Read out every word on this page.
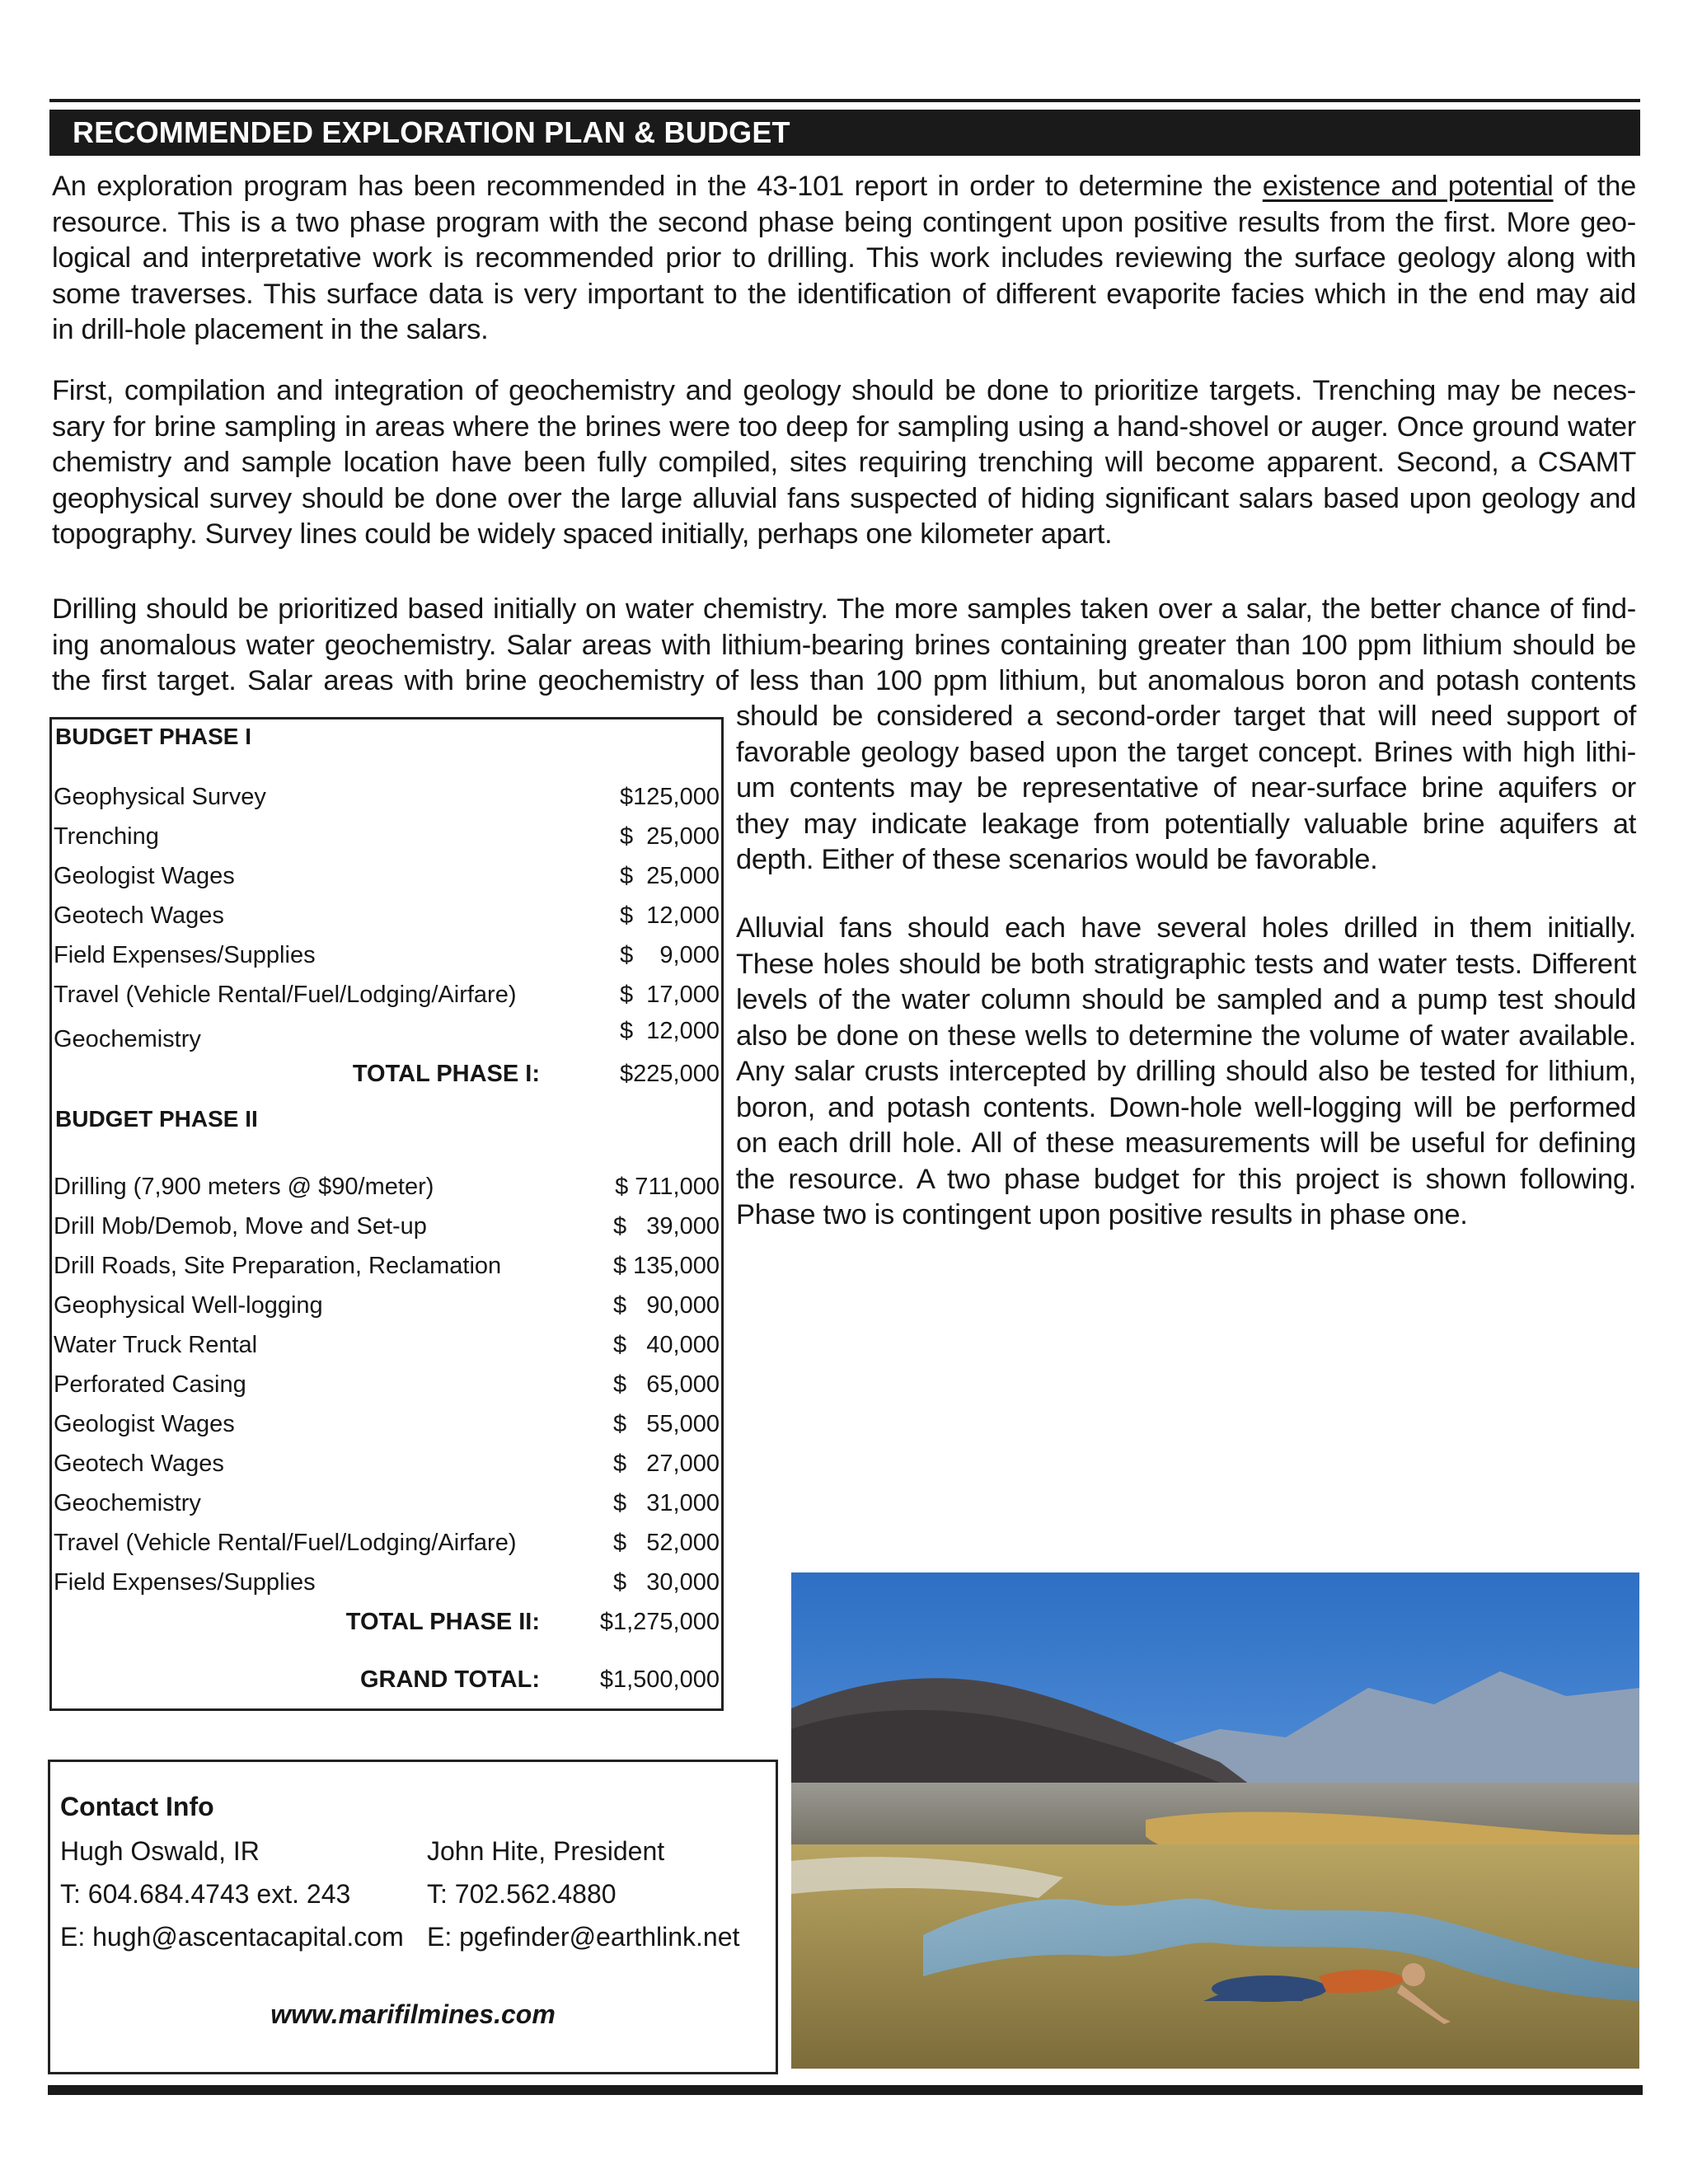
RECOMMENDED EXPLORATION PLAN & BUDGET

An exploration program has been recommended in the 43-101 report in order to determine the existence and potential of the
resource. This is a two phase program with the second phase being contingent upon positive results from the first. More geo-
logical and interpretative work is recommended prior to drilling. This work includes reviewing the surface geology along with
some traverses. This surface data is very important to the identification of different evaporite facies which in the end may aid
in drill-hole placement in the salars.

First, compilation and integration of geochemistry and geology should be done to prioritize targets. Trenching may be neces-
sary for brine sampling in areas where the brines were too deep for sampling using a hand-shovel or auger. Once ground water
chemistry and sample location have been fully compiled, sites requiring trenching will become apparent. Second, a CSAMT
geophysical survey should be done over the large alluvial fans suspected of hiding significant salars based upon geology and
topography. Survey lines could be widely spaced initially, perhaps one kilometer apart.

Drilling should be prioritized based initially on water chemistry. The more samples taken over a salar, the better chance of find-
ing anomalous water geochemistry. Salar areas with lithium-bearing brines containing greater than 100 ppm lithium should be
the first target. Salar areas with brine geochemistry of less than 100 ppm lithium, but anomalous boron and potash contents

should be considered a second-order target that will need support of
favorable geology based upon the target concept. Brines with high lithi-
um contents may be representative of near-surface brine aquifers or
they may indicate leakage from potentially valuable brine aquifers at
depth. Either of these scenarios would be favorable.

Alluvial fans should each have several holes drilled in them initially.
These holes should be both stratigraphic tests and water tests. Different
levels of the water column should be sampled and a pump test should
also be done on these wells to determine the volume of water available.
Any salar crusts intercepted by drilling should also be tested for lithium,
boron, and potash contents. Down-hole well-logging will be performed
on each drill hole. All of these measurements will be useful for defining
the resource. A two phase budget for this project is shown following.
Phase two is contingent upon positive results in phase one.

BUDGET PHASE I
Geophysical Survey	$125,000
Trenching	$  25,000
Geologist Wages	$  25,000
Geotech Wages	$  12,000
Field Expenses/Supplies	$    9,000
Travel (Vehicle Rental/Fuel/Lodging/Airfare)	$  17,000
Geochemistry	$  12,000
TOTAL PHASE I:	$225,000
BUDGET PHASE II
Drilling (7,900 meters @ $90/meter)	$ 711,000
Drill Mob/Demob, Move and Set-up	$   39,000
Drill Roads, Site Preparation, Reclamation	$ 135,000
Geophysical Well-logging	$   90,000
Water Truck Rental	$   40,000
Perforated Casing	$   65,000
Geologist Wages	$   55,000
Geotech Wages	$   27,000
Geochemistry	$   31,000
Travel (Vehicle Rental/Fuel/Lodging/Airfare)	$   52,000
Field Expenses/Supplies	$   30,000
TOTAL PHASE II:	$1,275,000
GRAND TOTAL:	$1,500,000
Contact Info
Hugh Oswald, IR	John Hite, President
T: 604.684.4743 ext. 243	T: 702.562.4880
E: hugh@ascentacapital.com E: pgefinder@earthlink.net
www.marifilmines.com
